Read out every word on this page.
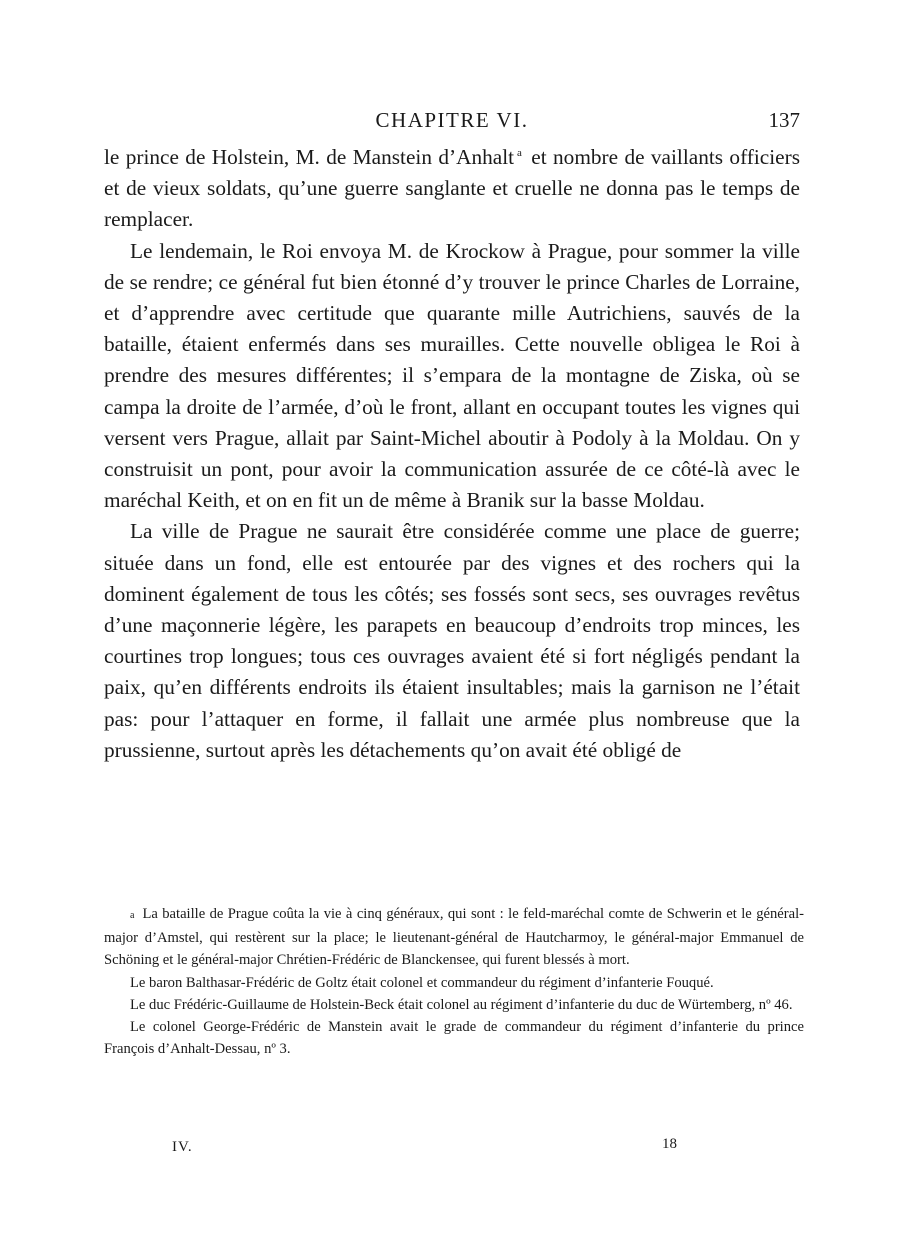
CHAPITRE VI.	137

le prince de Holstein, M. de Manstein d’Anhalt $^a$ et nombre de vaillants officiers et de vieux soldats, qu’une guerre sanglante et cruelle ne donna pas le temps de remplacer.

Le lendemain, le Roi envoya M. de Krockow à Prague, pour sommer la ville de se rendre; ce général fut bien étonné d’y trouver le prince Charles de Lorraine, et d’apprendre avec certitude que quarante mille Autrichiens, sauvés de la bataille, étaient enfermés dans ses murailles. Cette nouvelle obligea le Roi à prendre des mesures différentes; il s’empara de la montagne de Ziska, où se campa la droite de l’armée, d’où le front, allant en occupant toutes les vignes qui versent vers Prague, allait par Saint-Michel aboutir à Podoly à la Moldau. On y construisit un pont, pour avoir la communication assurée de ce côté-là avec le maréchal Keith, et on en fit un de même à Branik sur la basse Moldau.

La ville de Prague ne saurait être considérée comme une place de guerre; située dans un fond, elle est entourée par des vignes et des rochers qui la dominent également de tous les côtés; ses fossés sont secs, ses ouvrages revêtus d’une maçonnerie légère, les parapets en beaucoup d’endroits trop minces, les courtines trop longues; tous ces ouvrages avaient été si fort négligés pendant la paix, qu’en différents endroits ils étaient insultables; mais la garnison ne l’était pas: pour l’attaquer en forme, il fallait une armée plus nombreuse que la prussienne, surtout après les détachements qu’on avait été obligé de

a La bataille de Prague coûta la vie à cinq généraux, qui sont : le feld-maréchal comte de Schwerin et le général-major d’Amstel, qui restèrent sur la place; le lieutenant-général de Hautcharmoy, le général-major Emmanuel de Schöning et le général-major Chrétien-Frédéric de Blanckensee, qui furent blessés à mort.

Le baron Balthasar-Frédéric de Goltz était colonel et commandeur du régiment d’infanterie Fouqué.

Le duc Frédéric-Guillaume de Holstein-Beck était colonel au régiment d’infanterie du duc de Würtemberg, nº 46.

Le colonel George-Frédéric de Manstein avait le grade de commandeur du régiment d’infanterie du prince François d’Anhalt-Dessau, nº 3.

IV.	18
